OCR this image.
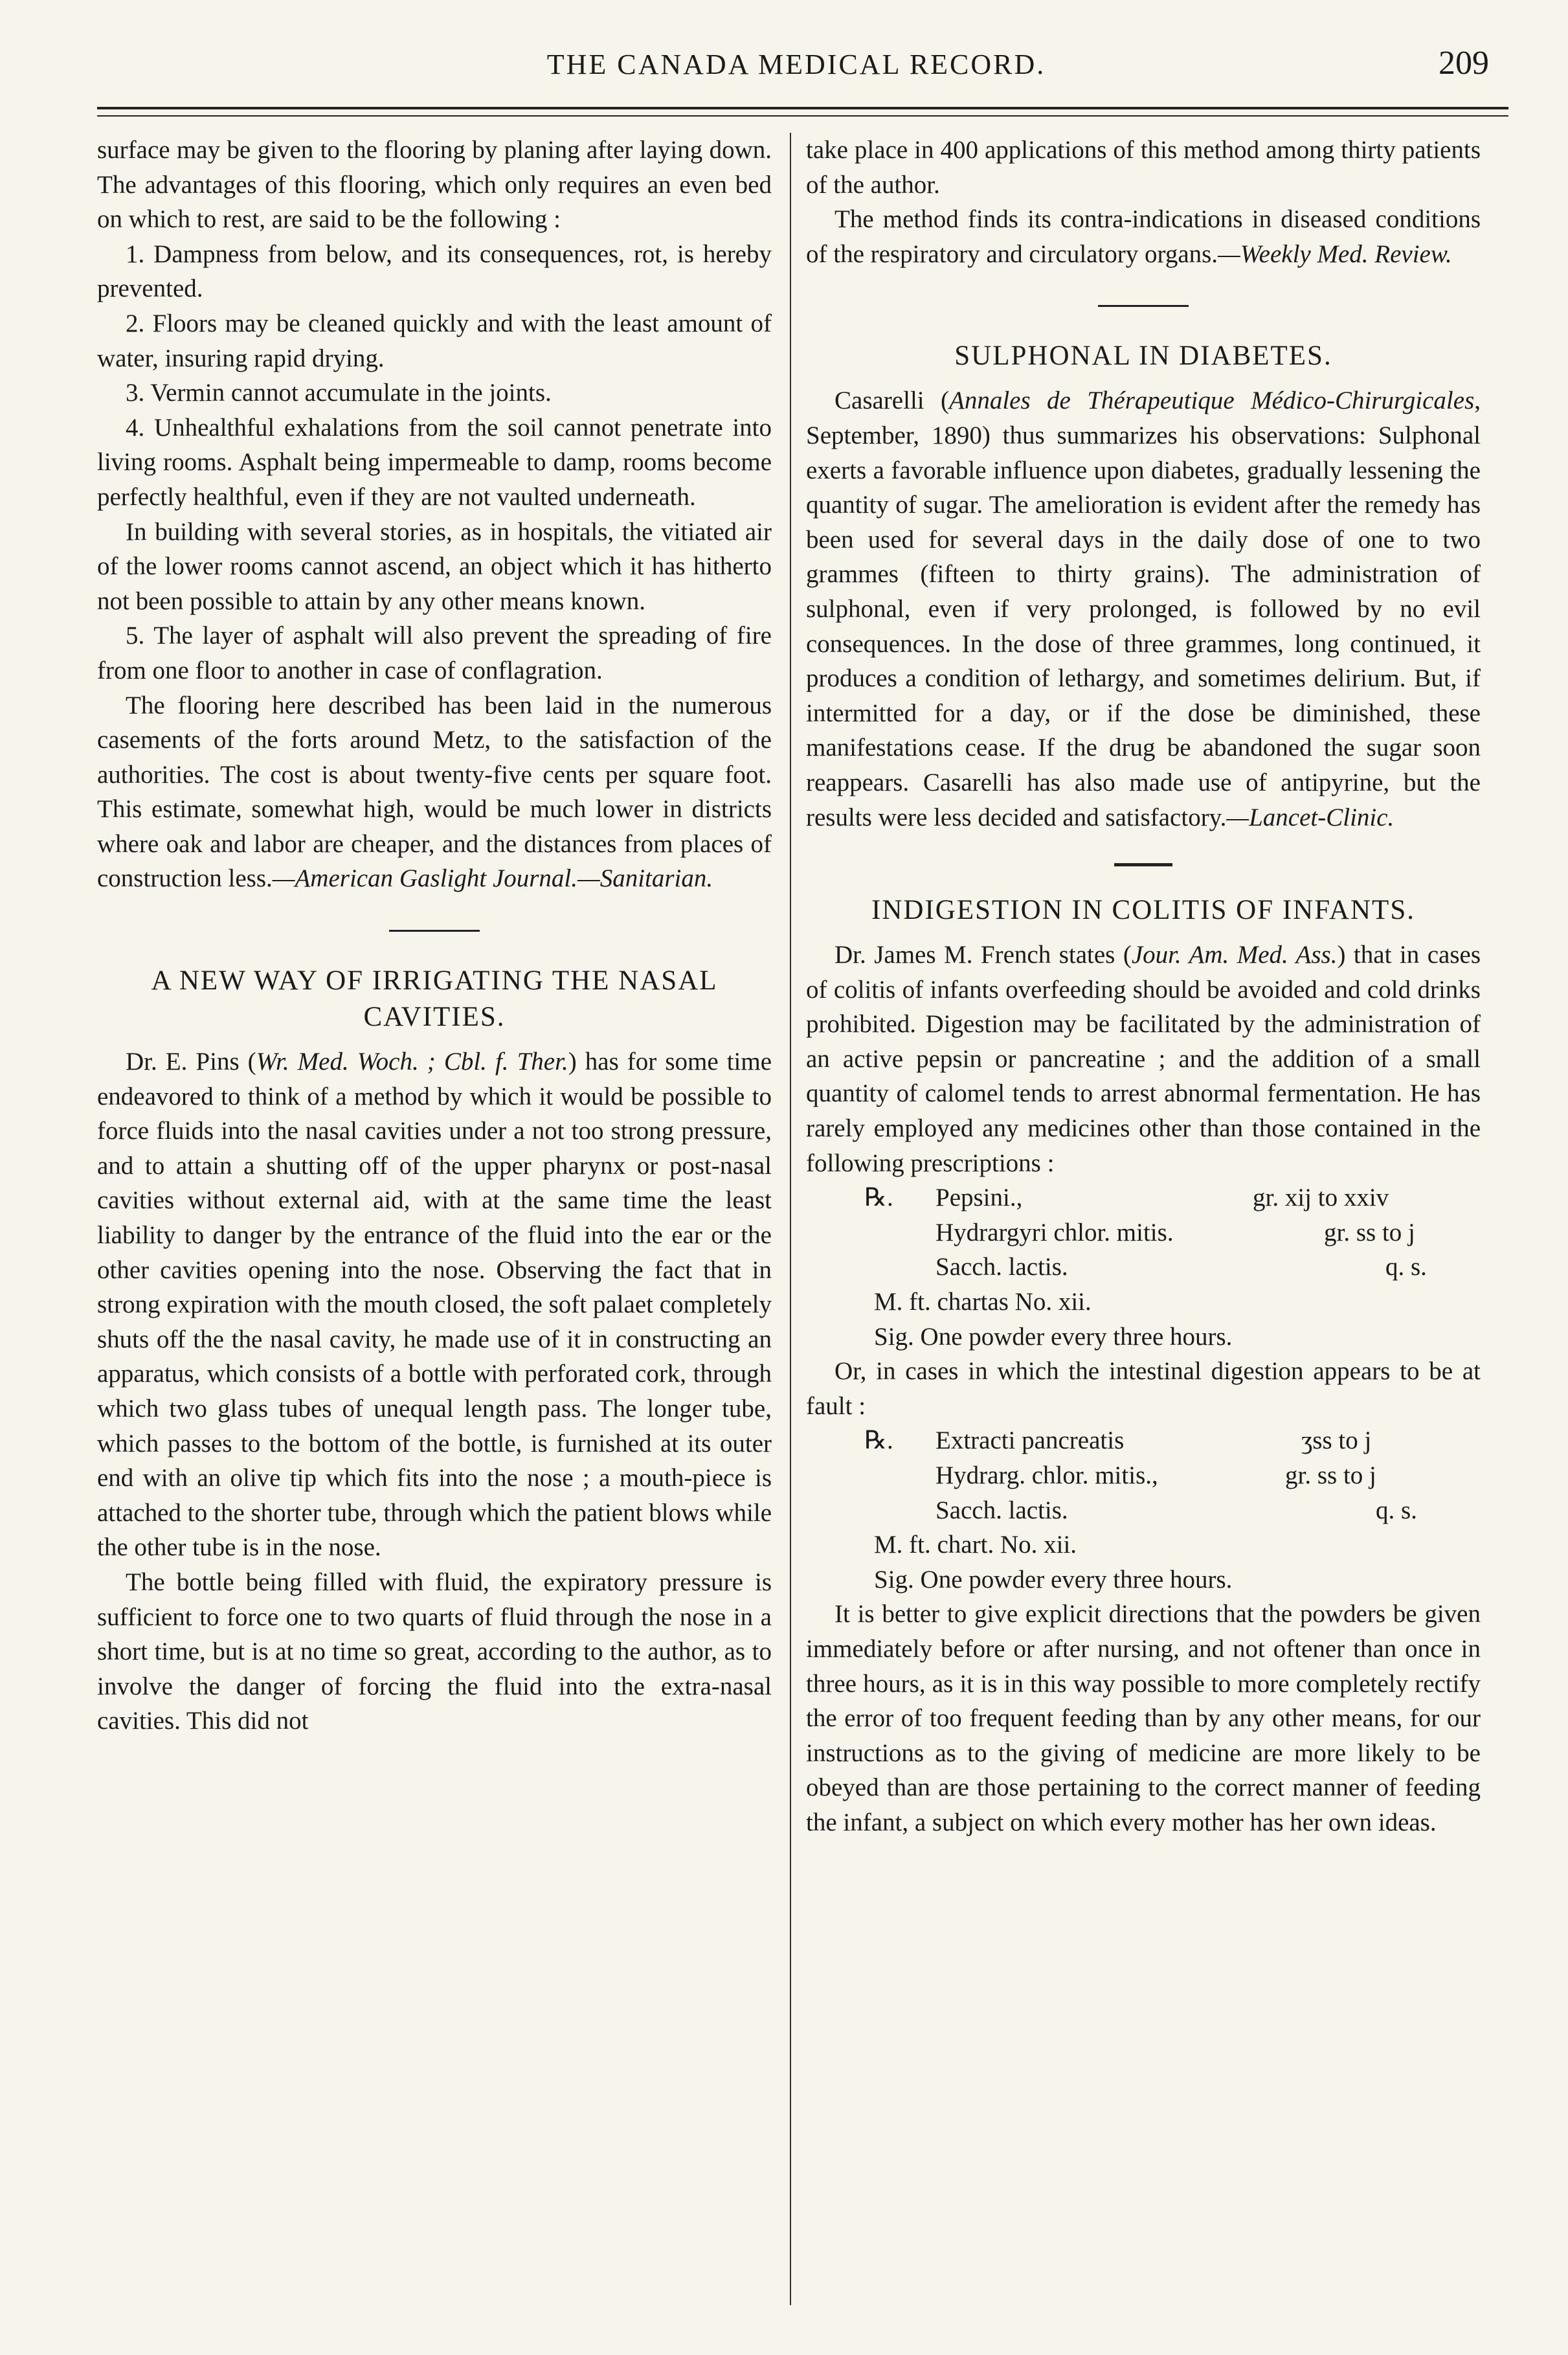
THE CANADA MEDICAL RECORD.	209

surface may be given to the flooring by planing after laying down. The advantages of this flooring, which only requires an even bed on which to rest, are said to be the following :

1. Dampness from below, and its consequences, rot, is hereby prevented.

2. Floors may be cleaned quickly and with the least amount of water, insuring rapid drying.

3. Vermin cannot accumulate in the joints.

4. Unhealthful exhalations from the soil cannot penetrate into living rooms. Asphalt being impermeable to damp, rooms become perfectly healthful, even if they are not vaulted underneath.

In building with several stories, as in hospitals, the vitiated air of the lower rooms cannot ascend, an object which it has hitherto not been possible to attain by any other means known.

5. The layer of asphalt will also prevent the spreading of fire from one floor to another in case of conflagration.

The flooring here described has been laid in the numerous casements of the forts around Metz, to the satisfaction of the authorities. The cost is about twenty-five cents per square foot. This estimate, somewhat high, would be much lower in districts where oak and labor are cheaper, and the distances from places of construction less.—American Gaslight Journal.—Sanitarian.

A NEW WAY OF IRRIGATING THE NASAL CAVITIES.

Dr. E. Pins (Wr. Med. Woch. ; Cbl. f. Ther.) has for some time endeavored to think of a method by which it would be possible to force fluids into the nasal cavities under a not too strong pressure, and to attain a shutting off of the upper pharynx or post-nasal cavities without external aid, with at the same time the least liability to danger by the entrance of the fluid into the ear or the other cavities opening into the nose. Observing the fact that in strong expiration with the mouth closed, the soft palaet completely shuts off the the nasal cavity, he made use of it in constructing an apparatus, which consists of a bottle with perforated cork, through which two glass tubes of unequal length pass. The longer tube, which passes to the bottom of the bottle, is furnished at its outer end with an olive tip which fits into the nose ; a mouth-piece is attached to the shorter tube, through which the patient blows while the other tube is in the nose.

The bottle being filled with fluid, the expiratory pressure is sufficient to force one to two quarts of fluid through the nose in a short time, but is at no time so great, according to the author, as to involve the danger of forcing the fluid into the extra-nasal cavities. This did not

take place in 400 applications of this method among thirty patients of the author.

The method finds its contra-indications in diseased conditions of the respiratory and circulatory organs.—Weekly Med. Review.

SULPHONAL IN DIABETES.

Casarelli (Annales de Thérapeutique Médico-Chirurgicales, September, 1890) thus summarizes his observations: Sulphonal exerts a favorable influence upon diabetes, gradually lessening the quantity of sugar. The amelioration is evident after the remedy has been used for several days in the daily dose of one to two grammes (fifteen to thirty grains). The administration of sulphonal, even if very prolonged, is followed by no evil consequences. In the dose of three grammes, long continued, it produces a condition of lethargy, and sometimes delirium. But, if intermitted for a day, or if the dose be diminished, these manifestations cease. If the drug be abandoned the sugar soon reappears. Casarelli has also made use of antipyrine, but the results were less decided and satisfactory.—Lancet-Clinic.

INDIGESTION IN COLITIS OF INFANTS.

Dr. James M. French states (Jour. Am. Med. Ass.) that in cases of colitis of infants overfeeding should be avoided and cold drinks prohibited. Digestion may be facilitated by the administration of an active pepsin or pancreatine ; and the addition of a small quantity of calomel tends to arrest abnormal fermentation. He has rarely employed any medicines other than those contained in the following prescriptions :

℞. Pepsini.,	gr. xij to xxiv
Hydrargyri chlor. mitis.	gr. ss to j
Sacch. lactis.	q. s.
M. ft. chartas No. xii.
Sig. One powder every three hours.

Or, in cases in which the intestinal digestion appears to be at fault :

℞. Extracti pancreatis	ʒss to j
Hydrarg. chlor. mitis.,	gr. ss to j
Sacch. lactis.	q. s.
M. ft. chart. No. xii.
Sig. One powder every three hours.

It is better to give explicit directions that the powders be given immediately before or after nursing, and not oftener than once in three hours, as it is in this way possible to more completely rectify the error of too frequent feeding than by any other means, for our instructions as to the giving of medicine are more likely to be obeyed than are those pertaining to the correct manner of feeding the infant, a subject on which every mother has her own ideas.
